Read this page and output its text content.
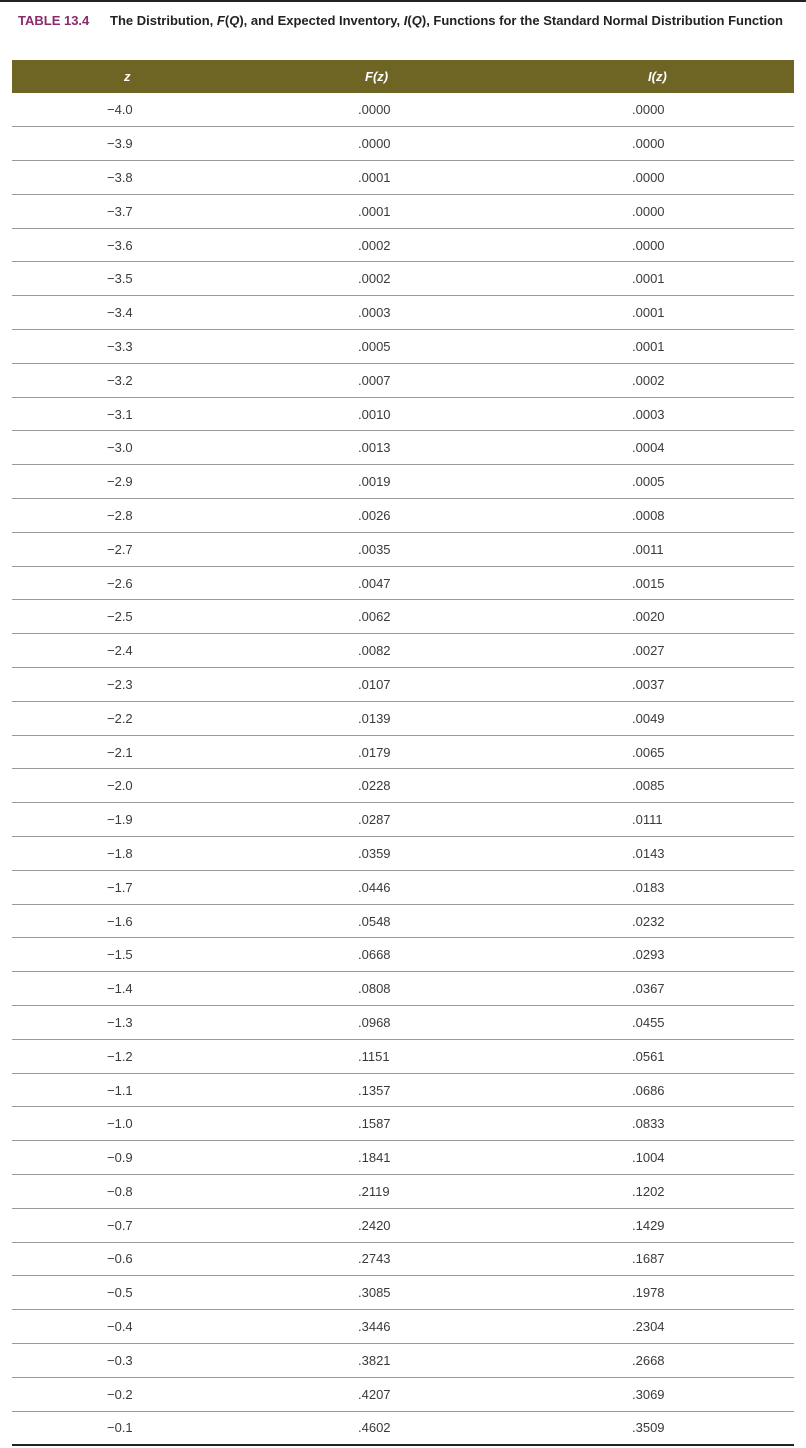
TABLE 13.4	The Distribution, F(Q), and Expected Inventory, I(Q), Functions for the Standard Normal Distribution Function
z	F(z)	I(z)

−4.0	.0000	.0000

−3.9	.0000	.0000

−3.8	.0001	.0000

−3.7	.0001	.0000

−3.6	.0002	.0000

−3.5	.0002	.0001

−3.4	.0003	.0001

−3.3	.0005	.0001

−3.2	.0007	.0002

−3.1	.0010	.0003

−3.0	.0013	.0004

−2.9	.0019	.0005

−2.8	.0026	.0008

−2.7	.0035	.0011

−2.6	.0047	.0015

−2.5	.0062	.0020

−2.4	.0082	.0027

−2.3	.0107	.0037

−2.2	.0139	.0049

−2.1	.0179	.0065

−2.0	.0228	.0085

−1.9	.0287	.0111

−1.8	.0359	.0143

−1.7	.0446	.0183

−1.6	.0548	.0232

−1.5	.0668	.0293

−1.4	.0808	.0367

−1.3	.0968	.0455

−1.2	.1151	.0561

−1.1	.1357	.0686

−1.0	.1587	.0833

−0.9	.1841	.1004

−0.8	.2119	.1202

−0.7	.2420	.1429

−0.6	.2743	.1687

−0.5	.3085	.1978

−0.4	.3446	.2304

−0.3	.3821	.2668

−0.2	.4207	.3069

−0.1	.4602	.3509
